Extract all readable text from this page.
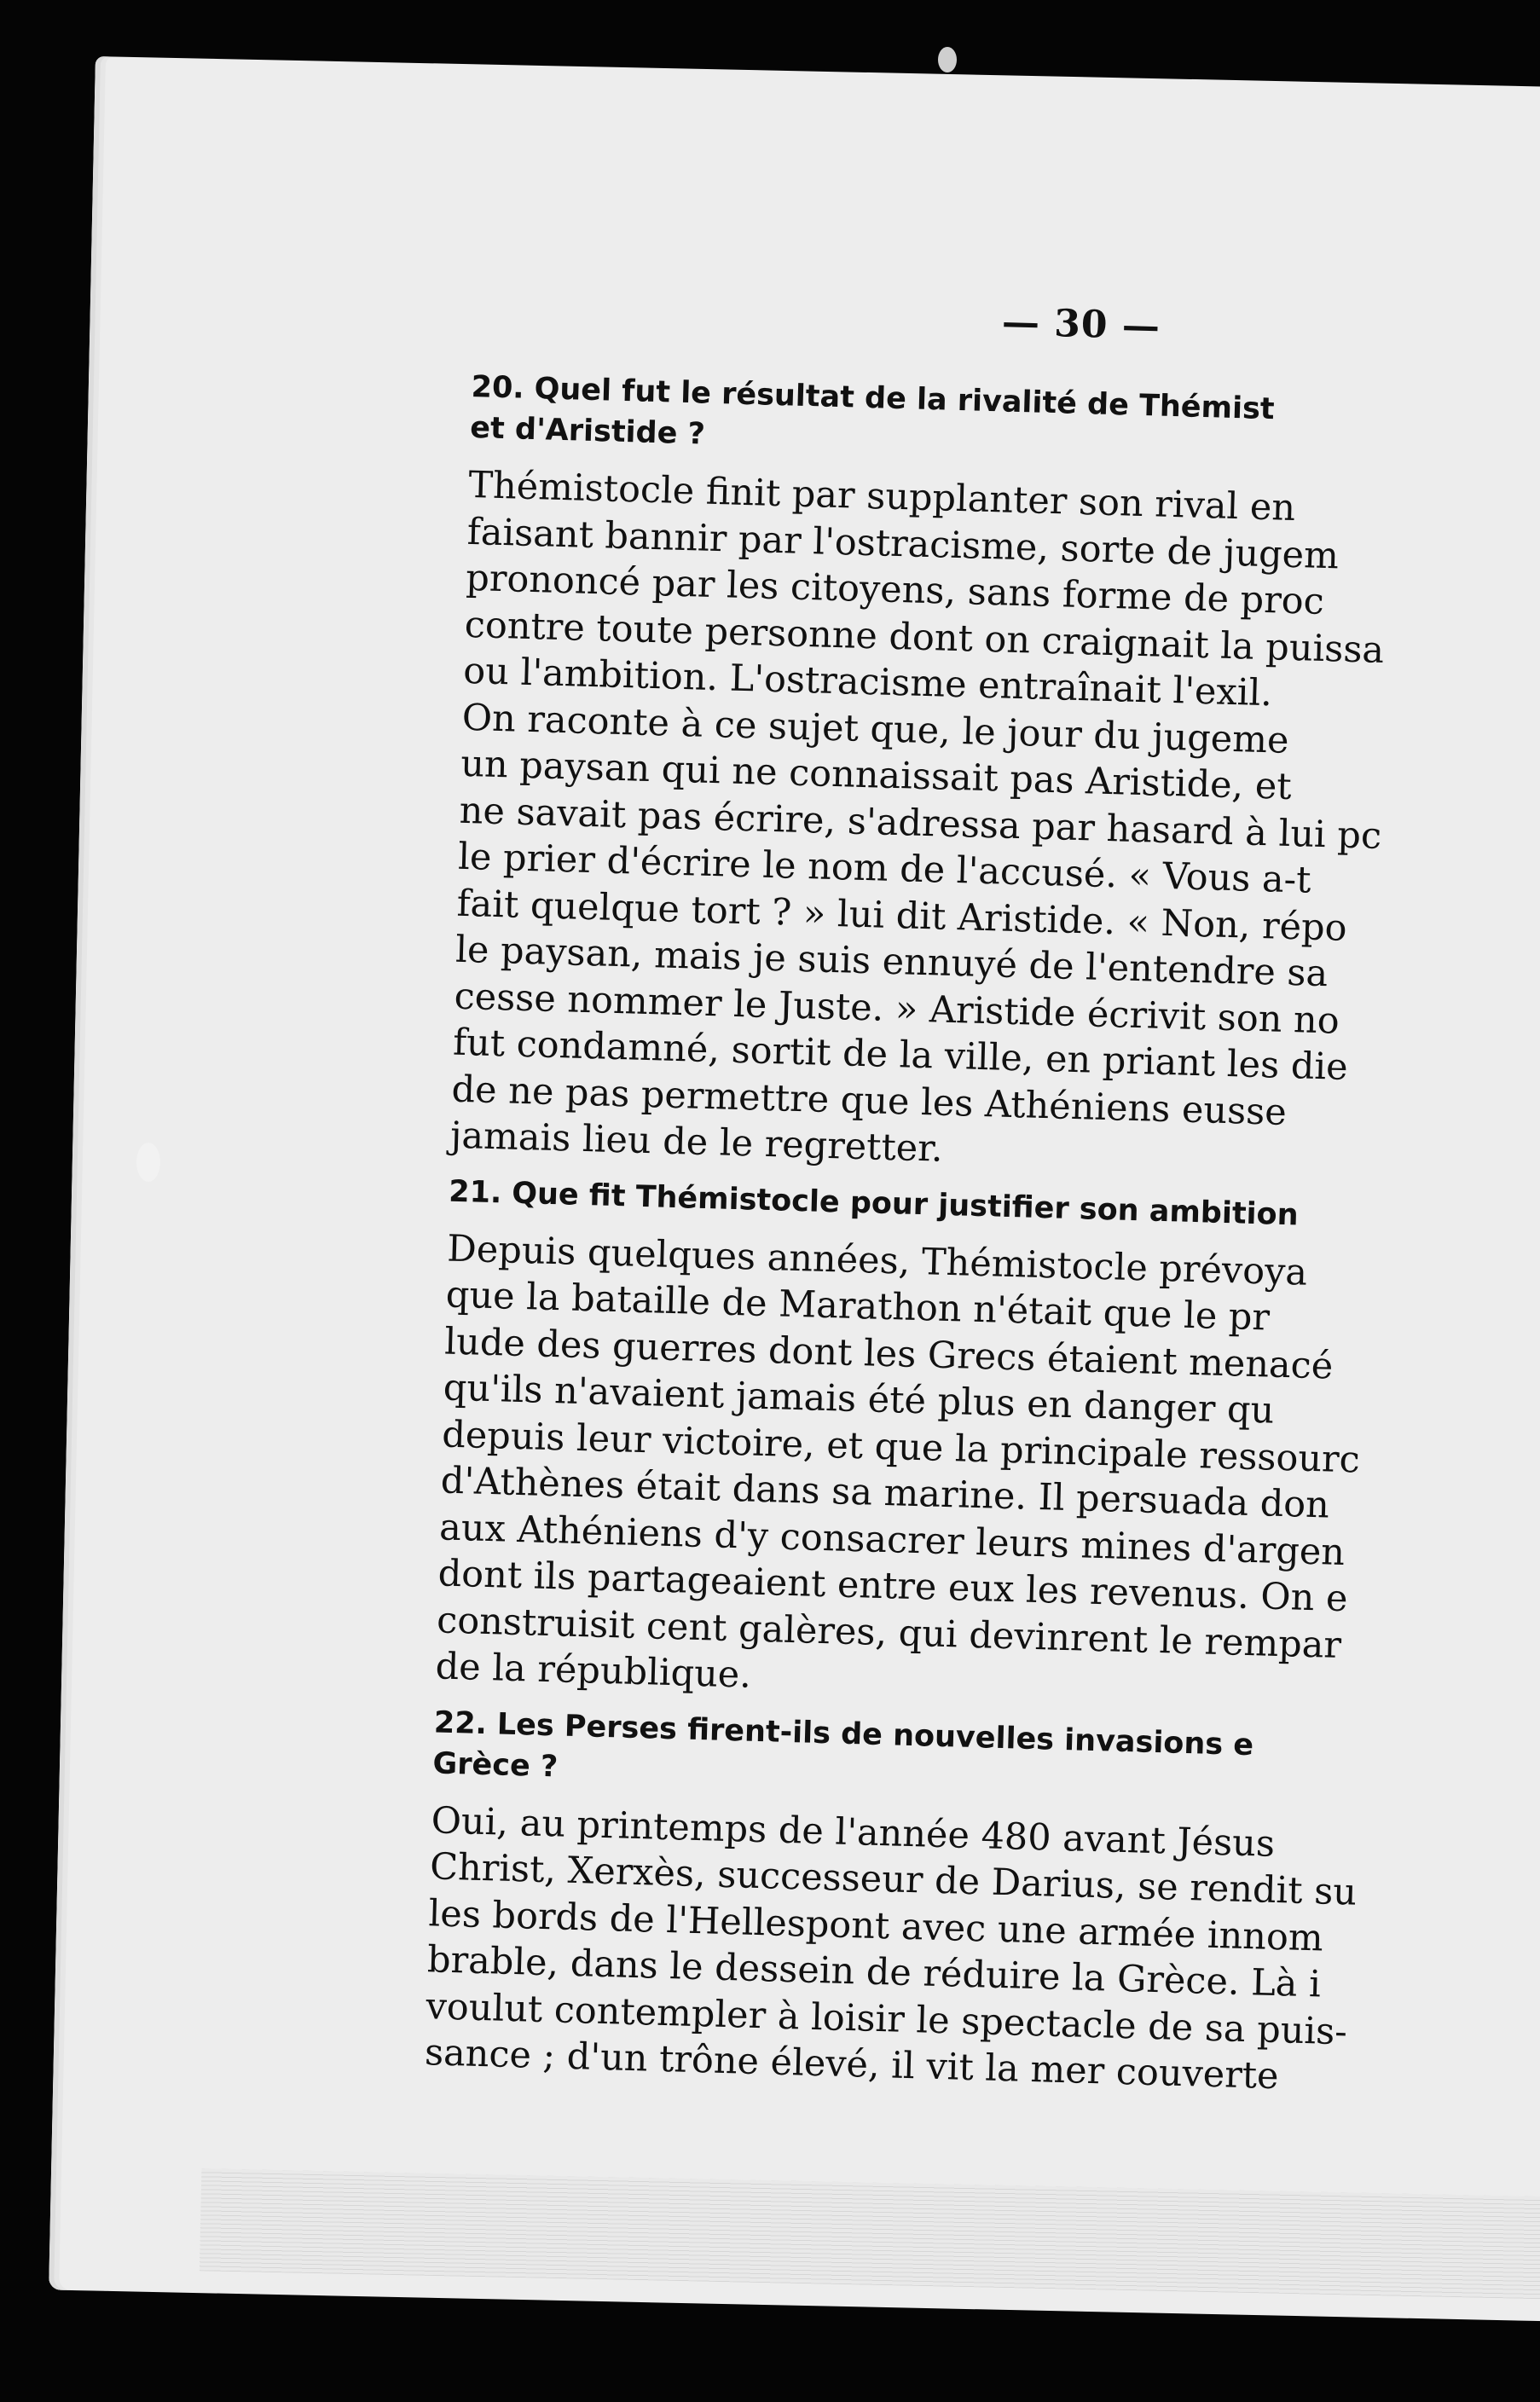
— 30 —
20. Quel fut le résultat de la rivalité de Thémist
et d'Aristide ?

Thémistocle finit par supplanter son rival en
faisant bannir par l'ostracisme, sorte de jugem
prononcé par les citoyens, sans forme de proc
contre toute personne dont on craignait la puissa
ou l'ambition. L'ostracisme entraînait l'exil.

On raconte à ce sujet que, le jour du jugeme
un paysan qui ne connaissait pas Aristide, et
ne savait pas écrire, s'adressa par hasard à lui pc
le prier d'écrire le nom de l'accusé. « Vous a-t
fait quelque tort ? » lui dit Aristide. « Non, répo
le paysan, mais je suis ennuyé de l'entendre sa
cesse nommer le Juste. » Aristide écrivit son no
fut condamné, sortit de la ville, en priant les die
de ne pas permettre que les Athéniens eusse
jamais lieu de le regretter.

21. Que fit Thémistocle pour justifier son ambition

Depuis quelques années, Thémistocle prévoya
que la bataille de Marathon n'était que le pr
lude des guerres dont les Grecs étaient menacé
qu'ils n'avaient jamais été plus en danger qu
depuis leur victoire, et que la principale ressourc
d'Athènes était dans sa marine. Il persuada don
aux Athéniens d'y consacrer leurs mines d'argen
dont ils partageaient entre eux les revenus. On e
construisit cent galères, qui devinrent le rempar
de la république.

22. Les Perses firent-ils de nouvelles invasions e
Grèce ?

Oui, au printemps de l'année 480 avant Jésus
Christ, Xerxès, successeur de Darius, se rendit su
les bords de l'Hellespont avec une armée innom
brable, dans le dessein de réduire la Grèce. Là i
voulut contempler à loisir le spectacle de sa puis-
sance ; d'un trône élevé, il vit la mer couverte
